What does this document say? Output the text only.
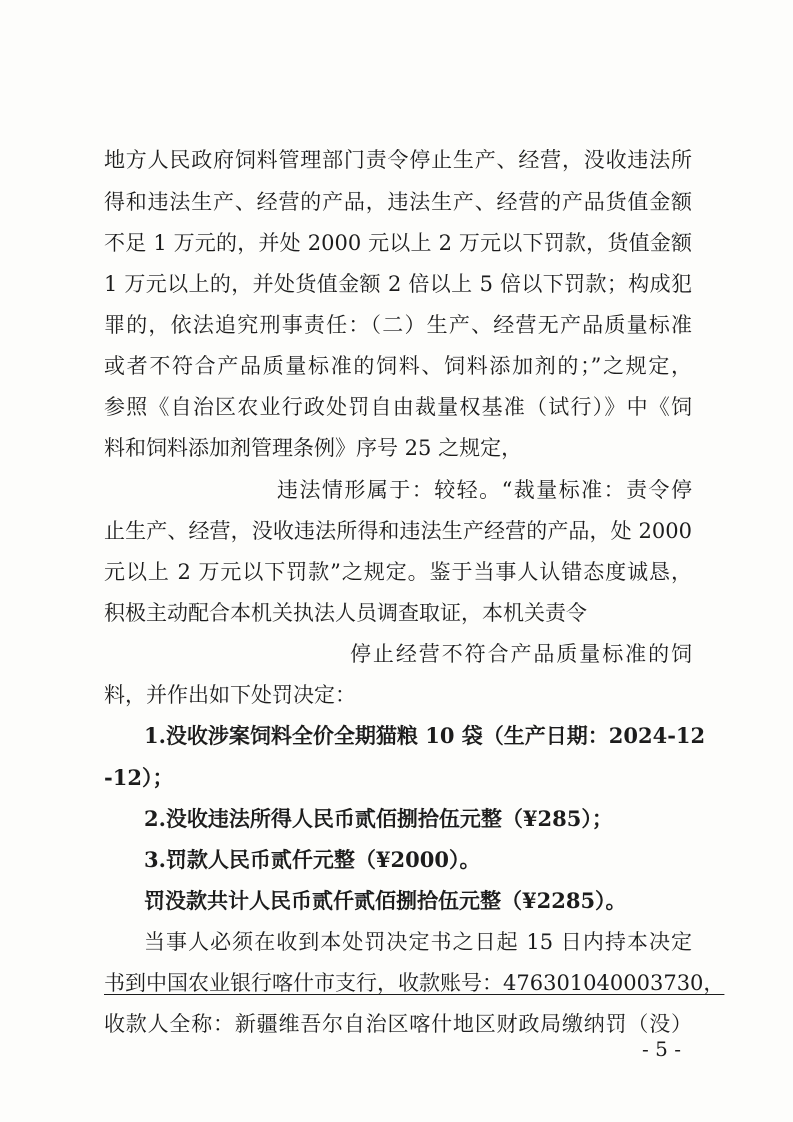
地方人民政府饲料管理部门责令停止生产、经营，没收违法所
得和违法生产、经营的产品，违法生产、经营的产品货值金额
不足 1 万元的，并处 2000 元以上 2 万元以下罚款，货值金额
1 万元以上的，并处货值金额 2 倍以上 5 倍以下罚款；构成犯
罪的，依法追究刑事责任：（二）生产、经营无产品质量标准
或者不符合产品质量标准的饲料、饲料添加剂的；”之规定，
参照《自治区农业行政处罚自由裁量权基准（试行）》中《饲
料和饲料添加剂管理条例》序号 25 之规定，
违法情形属于：较轻。“裁量标准：责令停
止生产、经营，没收违法所得和违法生产经营的产品，处 2000
元以上 2 万元以下罚款”之规定。鉴于当事人认错态度诚恳，
积极主动配合本机关执法人员调查取证，本机关责令
停止经营不符合产品质量标准的饲
料，并作出如下处罚决定：
1.没收涉案饲料全价全期猫粮 10 袋（生产日期：2024-12
-12）；
2.没收违法所得人民币贰佰捌拾伍元整（¥285）；
3.罚款人民币贰仟元整（¥2000）。
罚没款共计人民币贰仟贰佰捌拾伍元整（¥2285）。
当事人必须在收到本处罚决定书之日起 15 日内持本决定
书到中国农业银行喀什市支行，收款账号：476301040003730，
收款人全称：新疆维吾尔自治区喀什地区财政局缴纳罚（没）
- 5 -
